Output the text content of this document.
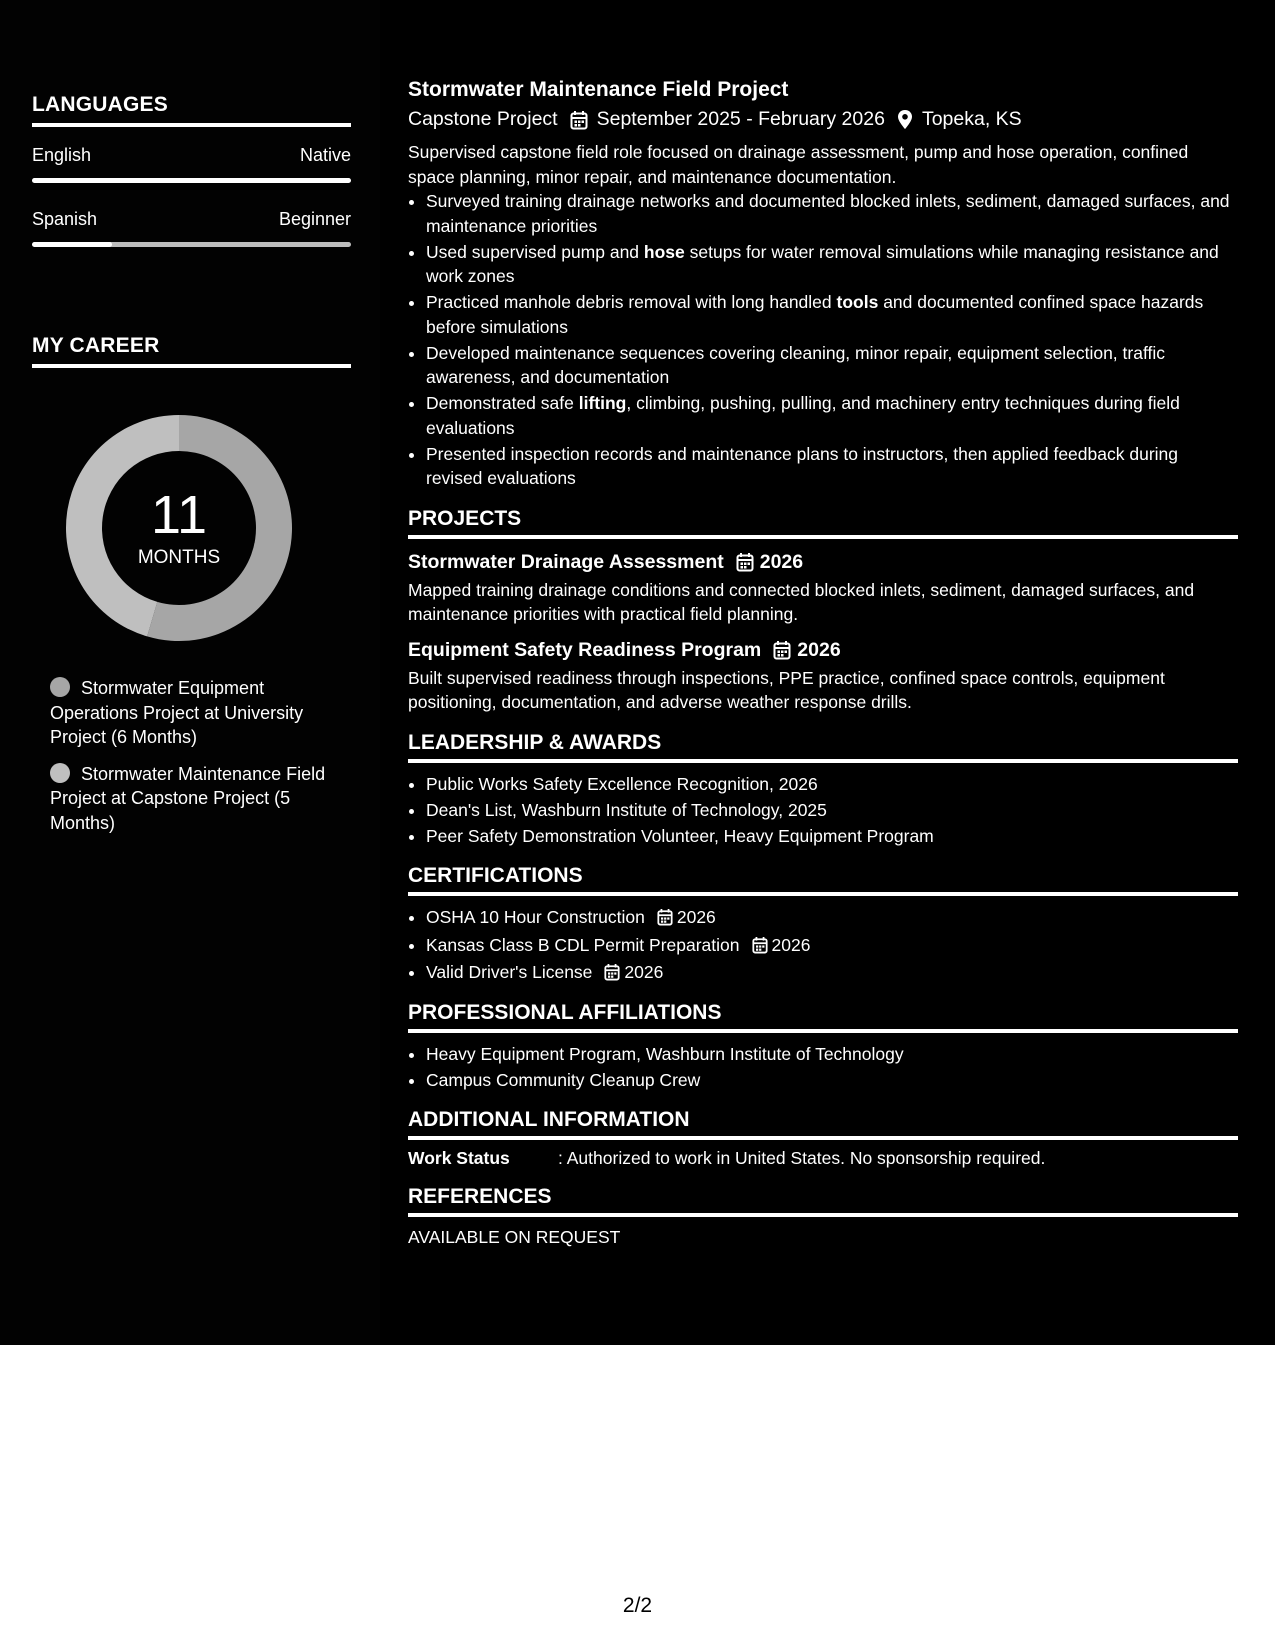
LANGUAGES
English	Native
Spanish	Beginner
MY CAREER
11
MONTHS
Stormwater Equipment Operations Project at University Project (6 Months)
Stormwater Maintenance Field Project at Capstone Project (5 Months)
Stormwater Maintenance Field Project
Capstone Project September 2025 - February 2026 Topeka, KS
Supervised capstone field role focused on drainage assessment, pump and hose operation, confined space planning, minor repair, and maintenance documentation.
• Surveyed training drainage networks and documented blocked inlets, sediment, damaged surfaces, and maintenance priorities
• Used supervised pump and hose setups for water removal simulations while managing resistance and work zones
• Practiced manhole debris removal with long handled tools and documented confined space hazards before simulations
• Developed maintenance sequences covering cleaning, minor repair, equipment selection, traffic awareness, and documentation
• Demonstrated safe lifting, climbing, pushing, pulling, and machinery entry techniques during field evaluations
• Presented inspection records and maintenance plans to instructors, then applied feedback during revised evaluations
PROJECTS
Stormwater Drainage Assessment 2026
Mapped training drainage conditions and connected blocked inlets, sediment, damaged surfaces, and maintenance priorities with practical field planning.
Equipment Safety Readiness Program 2026
Built supervised readiness through inspections, PPE practice, confined space controls, equipment positioning, documentation, and adverse weather response drills.
LEADERSHIP & AWARDS
• Public Works Safety Excellence Recognition, 2026
• Dean's List, Washburn Institute of Technology, 2025
• Peer Safety Demonstration Volunteer, Heavy Equipment Program
CERTIFICATIONS
• OSHA 10 Hour Construction 2026
• Kansas Class B CDL Permit Preparation 2026
• Valid Driver's License 2026
PROFESSIONAL AFFILIATIONS
• Heavy Equipment Program, Washburn Institute of Technology
• Campus Community Cleanup Crew
ADDITIONAL INFORMATION
Work Status	: Authorized to work in United States. No sponsorship required.
REFERENCES
AVAILABLE ON REQUEST
2/2
